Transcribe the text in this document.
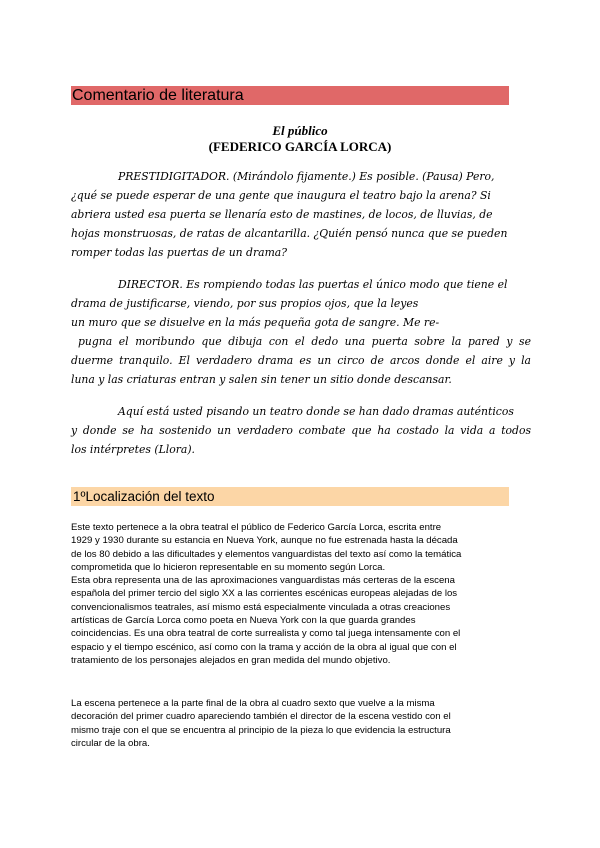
Comentario de literatura
El público
(FEDERICO GARCÍA LORCA)
PRESTIDIGITADOR. (Mirándolo fijamente.) Es posible. (Pausa) Pero,
¿qué se puede esperar de una gente que inaugura el teatro bajo la arena? Si
abriera usted esa puerta se llenaría esto de mastines, de locos, de lluvias, de
hojas monstruosas, de ratas de alcantarilla. ¿Quién pensó nunca que se pueden
romper todas las puertas de un drama?
DIRECTOR. Es rompiendo todas las puertas el único modo que tiene el
drama de justificarse, viendo, por sus propios ojos, que la leyes
un muro que se disuelve en la más pequeña gota de sangre. Me re-
pugna el moribundo que dibuja con el dedo una puerta sobre la pared y se
duerme tranquilo. El verdadero drama es un circo de arcos donde el aire y la
luna y las criaturas entran y salen sin tener un sitio donde descansar.
Aquí está usted pisando un teatro donde se han dado dramas auténticos
y donde se ha sostenido un verdadero combate que ha costado la vida a todos
los intérpretes (Llora).
1ºLocalización del texto
Este texto pertenece a la obra teatral el público de Federico García Lorca, escrita entre
1929 y 1930 durante su estancia en Nueva York, aunque no fue estrenada hasta la década
de los 80 debido a las dificultades y elementos vanguardistas del texto así como la temática
comprometida que lo hicieron representable en su momento según Lorca.
Esta obra representa una de las aproximaciones vanguardistas más certeras de la escena
española del primer tercio del siglo XX a las corrientes escénicas europeas alejadas de los
convencionalismos teatrales, así mismo está especialmente vinculada a otras creaciones
artísticas de García Lorca como poeta en Nueva York con la que guarda grandes
coincidencias. Es una obra teatral de corte surrealista y como tal juega intensamente con el
espacio y el tiempo escénico, así como con la trama y acción de la obra al igual que con el
tratamiento de los personajes alejados en gran medida del mundo objetivo.
La escena pertenece a la parte final de la obra al cuadro sexto que vuelve a la misma
decoración del primer cuadro apareciendo también el director de la escena vestido con el
mismo traje con el que se encuentra al principio de la pieza lo que evidencia la estructura
circular de la obra.
